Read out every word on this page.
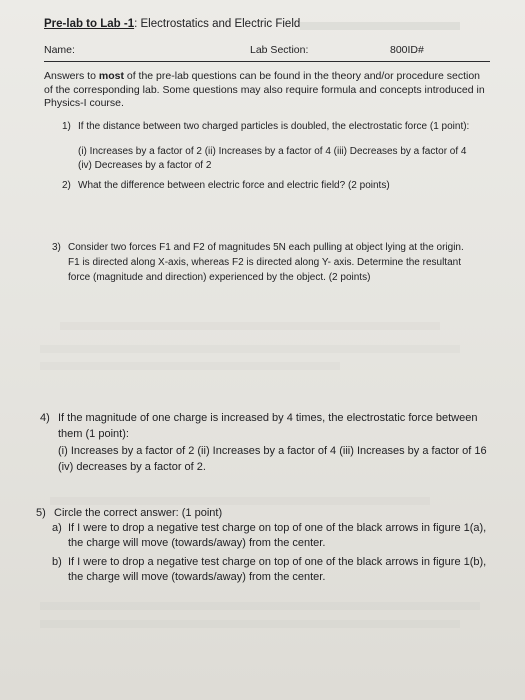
Pre-lab to Lab -1: Electrostatics and Electric Field
Name:	Lab Section:	800ID#
Answers to most of the pre-lab questions can be found in the theory and/or procedure section
of the corresponding lab. Some questions may also require formula and concepts introduced in
Physics-I course.
1) If the distance between two charged particles is doubled, the electrostatic force (1 point):
(i) Increases by a factor of 2 (ii) Increases by a factor of 4 (iii) Decreases by a factor of 4
(iv) Decreases by a factor of 2
2) What the difference between electric force and electric field? (2 points)
3) Consider two forces F1 and F2 of magnitudes 5N each pulling at object lying at the origin.
F1 is directed along X-axis, whereas F2 is directed along Y- axis. Determine the resultant
force (magnitude and direction) experienced by the object. (2 points)
4) If the magnitude of one charge is increased by 4 times, the electrostatic force between
them (1 point):
(i) Increases by a factor of 2 (ii) Increases by a factor of 4 (iii) Increases by a factor of 16
(iv) decreases by a factor of 2.
5) Circle the correct answer: (1 point)
a) If I were to drop a negative test charge on top of one of the black arrows in figure 1(a),
the charge will move (towards/away) from the center.
b) If I were to drop a negative test charge on top of one of the black arrows in figure 1(b),
the charge will move (towards/away) from the center.
